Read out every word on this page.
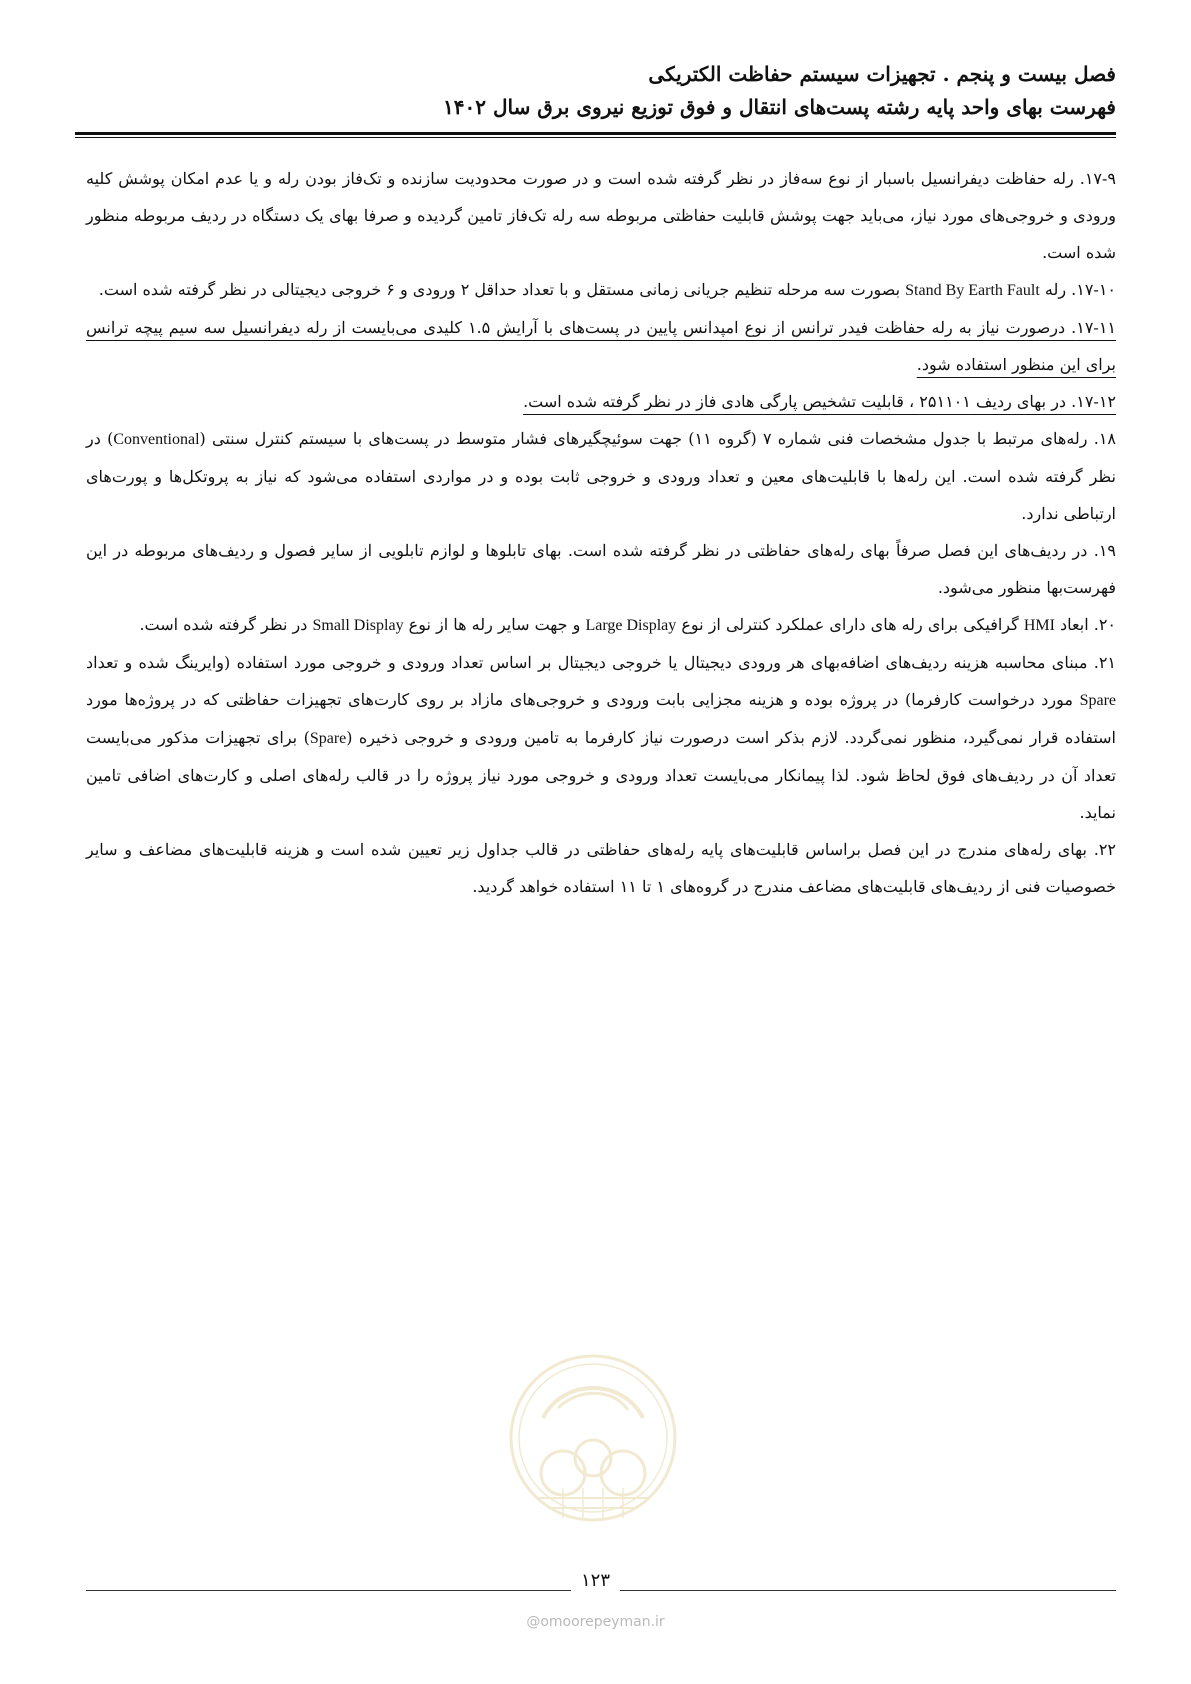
فصل بیست و پنجم . تجهیزات سیستم حفاظت الکتریکی
فهرست بهای واحد پایه رشته پست‌های انتقال و فوق توزیع نیروی برق سال ۱۴۰۲

۱۷-۹. رله حفاظت دیفرانسیل باسبار از نوع سه‌فاز در نظر گرفته شده است و در صورت محدودیت سازنده و تک‌فاز بودن رله و یا عدم امکان پوشش کلیه ورودی و خروجی‌های مورد نیاز، می‌باید جهت پوشش قابلیت حفاظتی مربوطه سه رله تک‌فاز تامین گردیده و صرفا بهای یک دستگاه در ردیف مربوطه منظور شده است.

۱۷-۱۰. رله Stand By Earth Fault بصورت سه مرحله تنظیم جریانی زمانی مستقل و با تعداد حداقل ۲ ورودی و ۶ خروجی دیجیتالی در نظر گرفته شده است.

۱۷-۱۱. درصورت نیاز به رله حفاظت فیدر ترانس از نوع امپدانس پایین در پست‌های با آرایش ۱.۵ کلیدی می‌بایست از رله دیفرانسیل سه سیم پیچه ترانس برای این منظور استفاده شود.

۱۷-۱۲. در بهای ردیف ۲۵۱۱۰۱ ، قابلیت تشخیص پارگی هادی فاز در نظر گرفته شده است.

۱۸. رله‌های مرتبط با جدول مشخصات فنی شماره ۷ (گروه ۱۱) جهت سوئیچگیرهای فشار متوسط در پست‌های با سیستم کنترل سنتی (Conventional) در نظر گرفته شده است. این رله‌ها با قابلیت‌های معین و تعداد ورودی و خروجی ثابت بوده و در مواردی استفاده می‌شود که نیاز به پروتکل‌ها و پورت‌های ارتباطی ندارد.

۱۹. در ردیف‌های این فصل صرفاً بهای رله‌های حفاظتی در نظر گرفته شده است. بهای تابلوها و لوازم تابلویی از سایر فصول و ردیف‌های مربوطه در این فهرست‌بها منظور می‌شود.

۲۰. ابعاد HMI گرافیکی برای رله های دارای عملکرد کنترلی از نوع Large Display و جهت سایر رله ها از نوع Small Display در نظر گرفته شده است.

۲۱. مبنای محاسبه هزینه ردیف‌های اضافه‌بهای هر ورودی دیجیتال یا خروجی دیجیتال بر اساس تعداد ورودی و خروجی مورد استفاده (وایرینگ شده و تعداد Spare مورد درخواست کارفرما) در پروژه بوده و هزینه مجزایی بابت ورودی و خروجی‌های مازاد بر روی کارت‌های تجهیزات حفاظتی که در پروژه‌ها مورد استفاده قرار نمی‌گیرد، منظور نمی‌گردد. لازم بذکر است درصورت نیاز کارفرما به تامین ورودی و خروجی ذخیره (Spare) برای تجهیزات مذکور می‌بایست تعداد آن در ردیف‌های فوق لحاظ شود. لذا پیمانکار می‌بایست تعداد ورودی و خروجی مورد نیاز پروژه را در قالب رله‌های اصلی و کارت‌های اضافی تامین نماید.

۲۲. بهای رله‌های مندرج در این فصل براساس قابلیت‌های پایه رله‌های حفاظتی در قالب جداول زیر تعیین شده است و هزینه قابلیت‌های مضاعف و سایر خصوصیات فنی از ردیف‌های قابلیت‌های مضاعف مندرج در گروه‌های ۱ تا ۱۱ استفاده خواهد گردید.

۱۲۳
@omoorepeyman.ir
